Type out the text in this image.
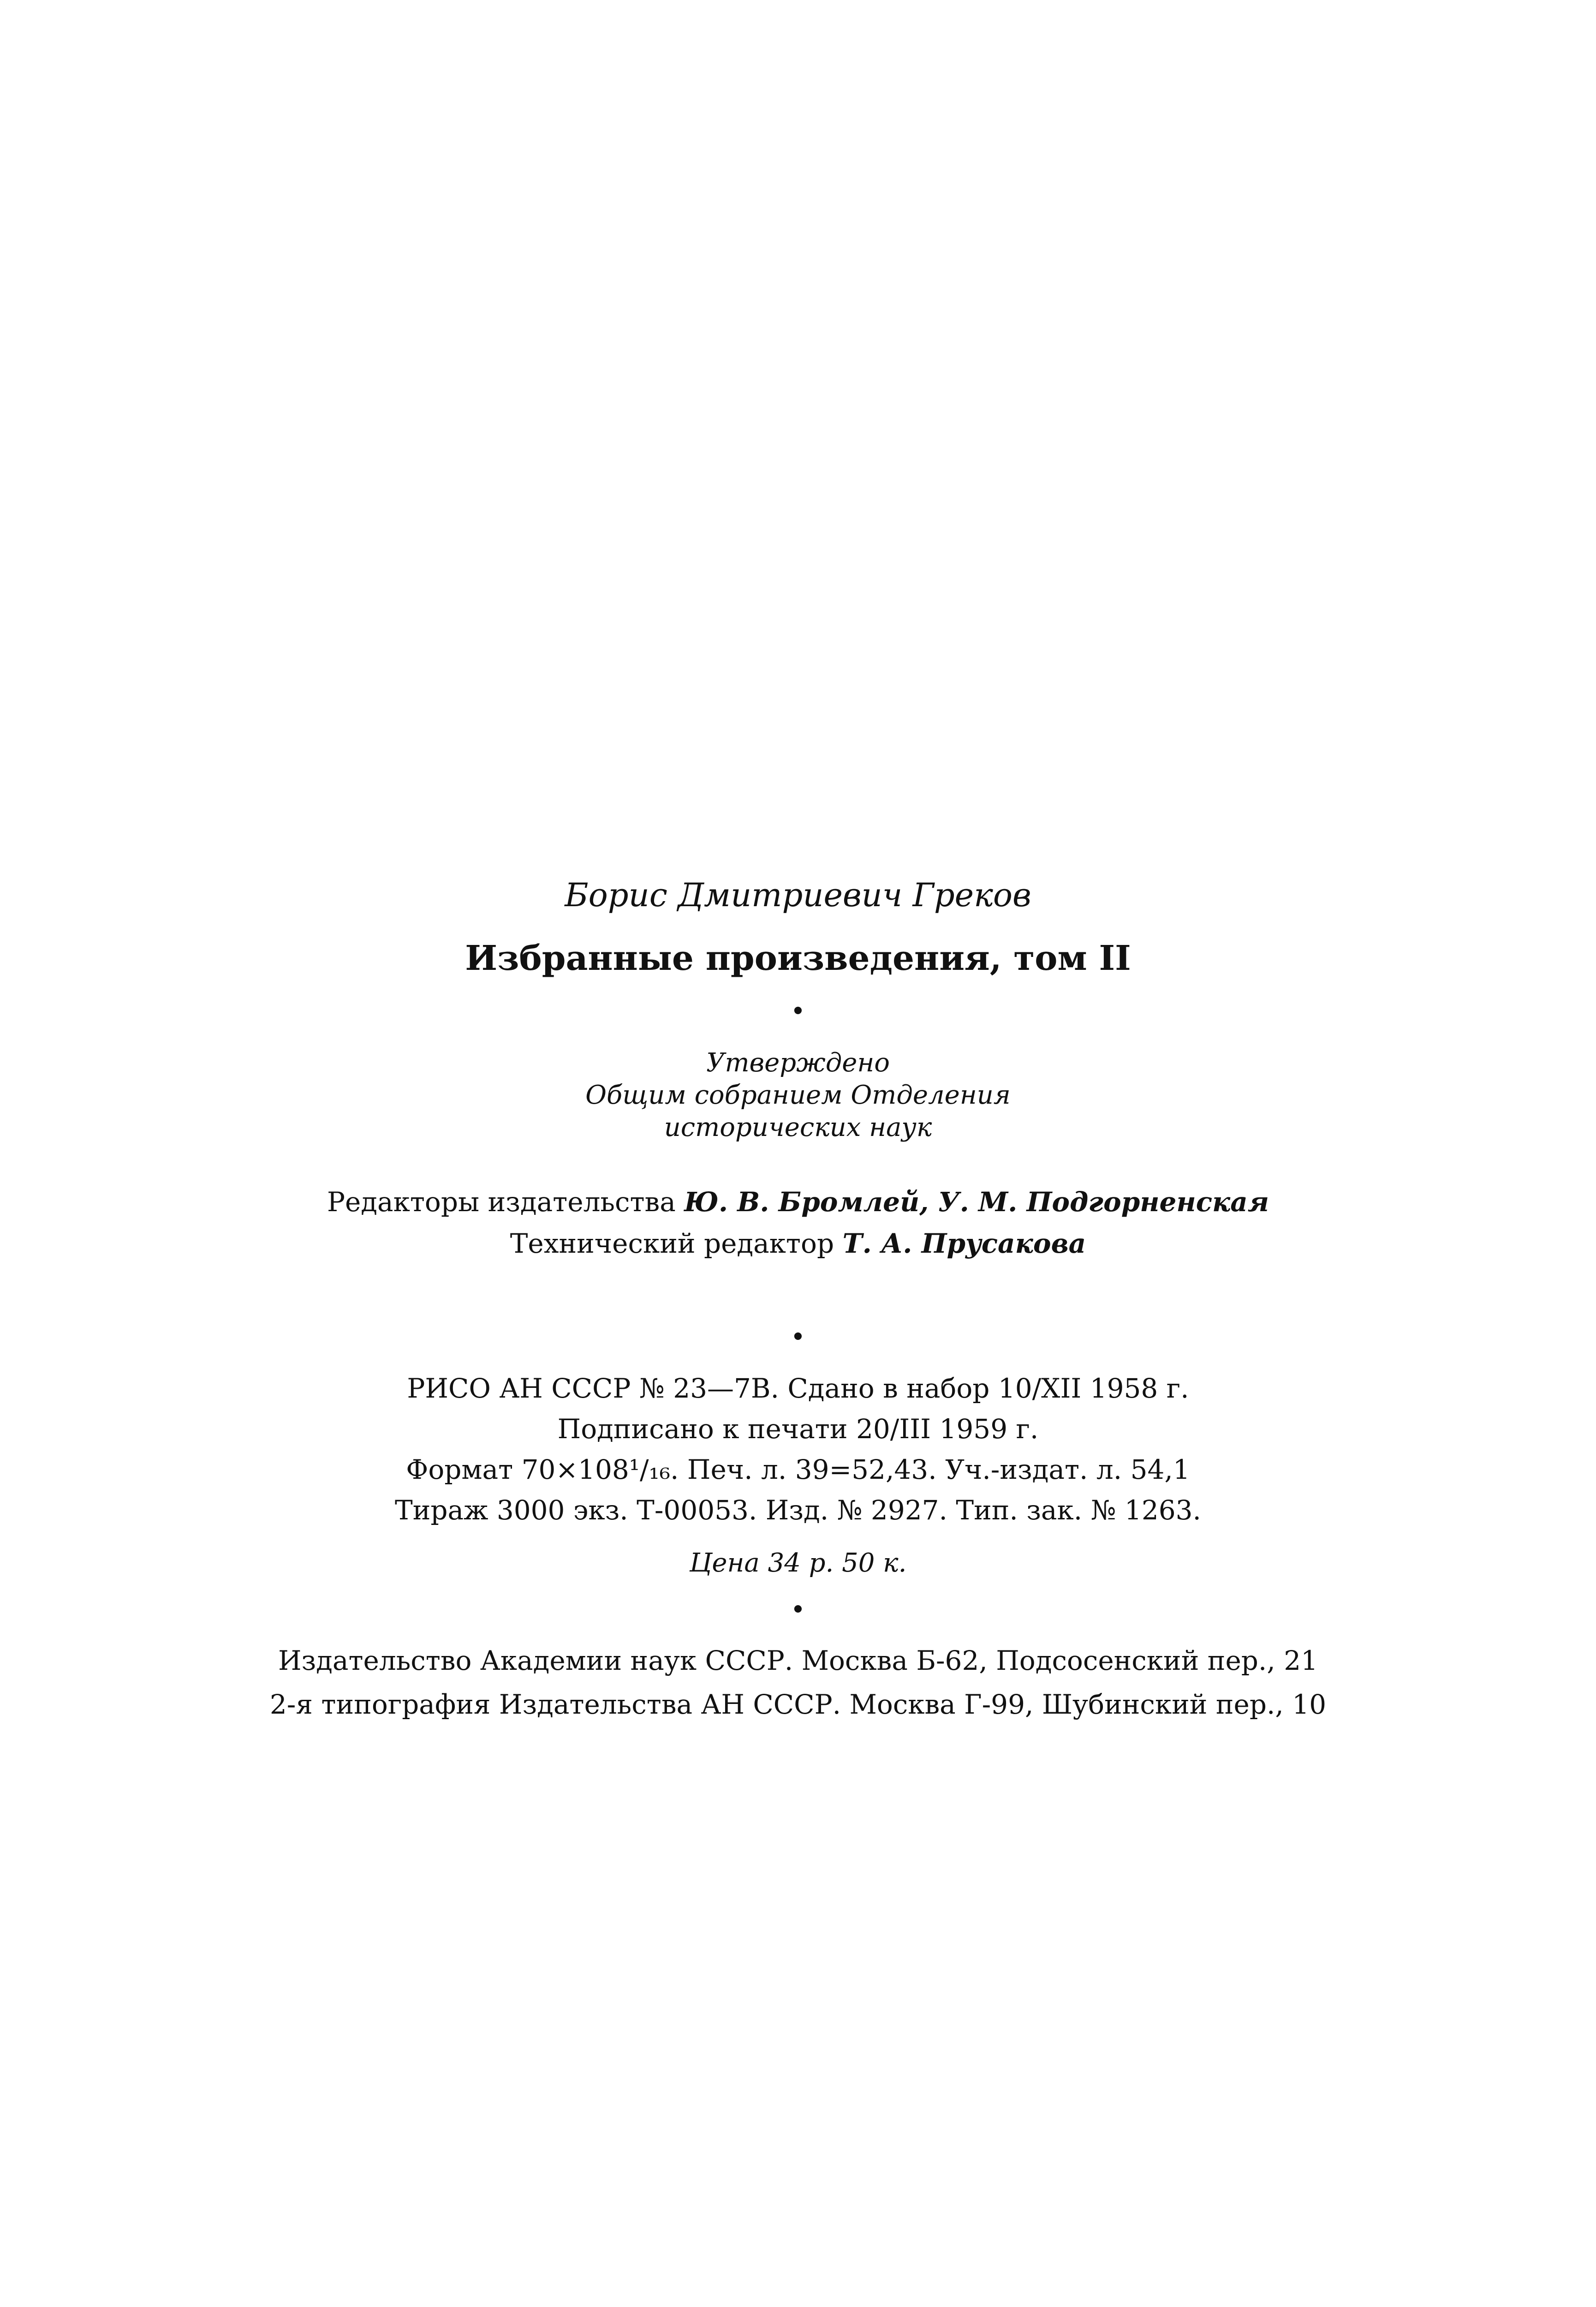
Борис Дмитриевич Греков
Избранные произведения, том II
•
Утверждено
Общим собранием Отделения
исторических наук
Редакторы издательства Ю. В. Бромлей, У. М. Подгорненская
Технический редактор Т. А. Прусакова
•
РИСО АН СССР № 23—7В. Сдано в набор 10/XII 1958 г.
Подписано к печати 20/III 1959 г.
Формат 70×108¹/₁₆. Печ. л. 39=52,43. Уч.-издат. л. 54,1
Тираж 3000 экз. Т-00053. Изд. № 2927. Тип. зак. № 1263.
Цена 34 р. 50 к.
•
Издательство Академии наук СССР. Москва Б-62, Подсосенский пер., 21
2-я типография Издательства АН СССР. Москва Г-99, Шубинский пер., 10
